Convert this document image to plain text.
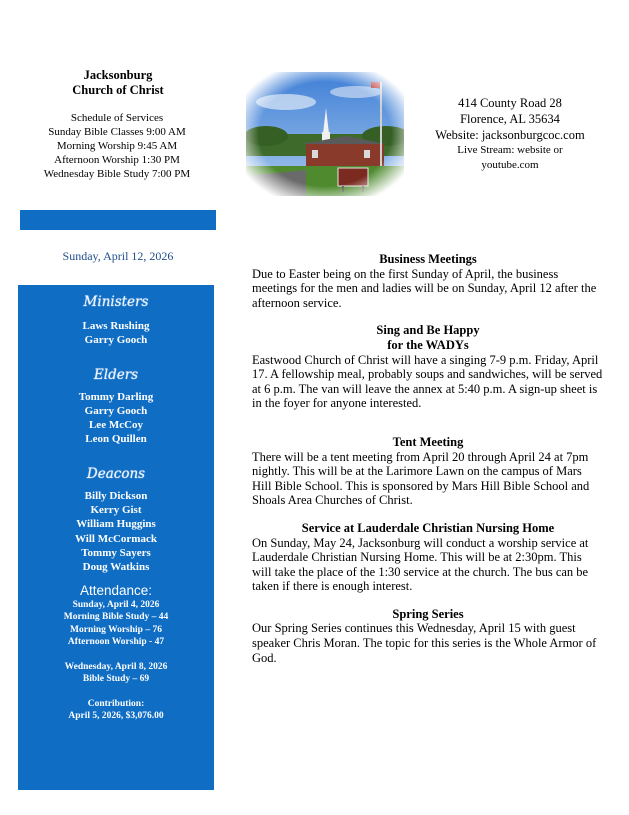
Jacksonburg
Church of Christ
Schedule of Services
Sunday Bible Classes 9:00 AM
Morning Worship 9:45 AM
Afternoon Worship 1:30 PM
Wednesday Bible Study 7:00 PM
414 County Road 28
Florence, AL 35634
Website: jacksonburgcoc.com
Live Stream: website or
youtube.com
Sunday, April 12, 2026
Ministers
Laws Rushing
Garry Gooch
Elders
Tommy Darling
Garry Gooch
Lee McCoy
Leon Quillen
Deacons
Billy Dickson
Kerry Gist
William Huggins
Will McCormack
Tommy Sayers
Doug Watkins
Attendance:
Sunday, April 4, 2026
Morning Bible Study – 44
Morning Worship – 76
Afternoon Worship - 47
Wednesday, April 8, 2026
Bible Study – 69
Contribution:
April 5, 2026, $3,076.00
Business Meetings

Due to Easter being on the first Sunday of April, the business meetings for the men and ladies will be on Sunday, April 12 after the afternoon service.

Sing and Be Happy
for the WADYs

Eastwood Church of Christ will have a singing 7-9 p.m. Friday, April 17. A fellowship meal, probably soups and sandwiches, will be served at 6 p.m. The van will leave the annex at 5:40 p.m. A sign-up sheet is in the foyer for anyone interested.

Tent Meeting

There will be a tent meeting from April 20 through April 24 at 7pm nightly. This will be at the Larimore Lawn on the campus of Mars Hill Bible School. This is sponsored by Mars Hill Bible School and Shoals Area Churches of Christ.

Service at Lauderdale Christian Nursing Home

On Sunday, May 24, Jacksonburg will conduct a worship service at Lauderdale Christian Nursing Home. This will be at 2:30pm. This will take the place of the 1:30 service at the church. The bus can be taken if there is enough interest.

Spring Series

Our Spring Series continues this Wednesday, April 15 with guest speaker Chris Moran. The topic for this series is the Whole Armor of God.
